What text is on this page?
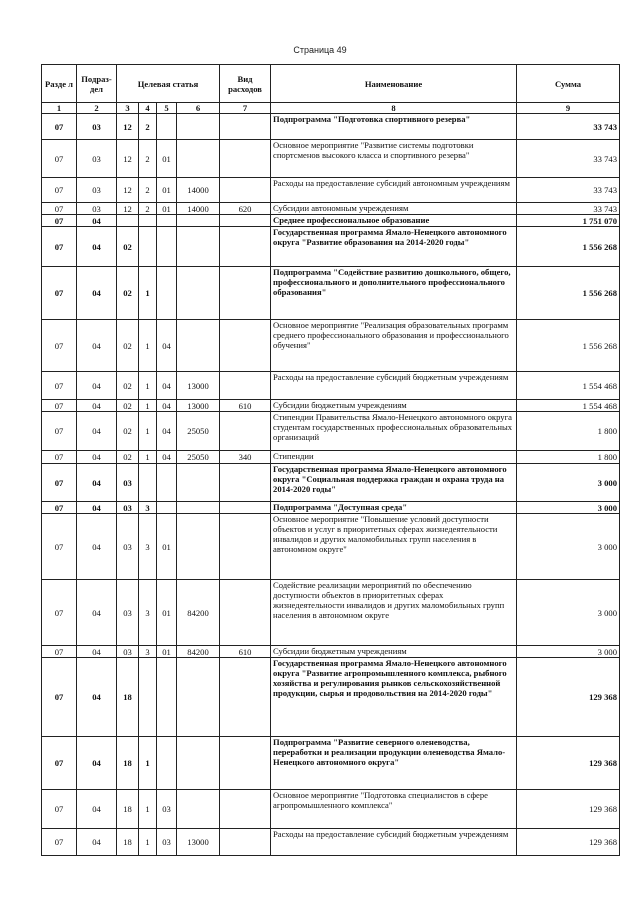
Страница 49
Разде л	Подраз- дел	Целевая статья				Вид расходов	Наименование	Сумма
1	2	3	4	5	6	7	8	9
07	03	12	2				Подпрограмма "Подготовка спортивного резерва"	33 743
07	03	12	2	01			Основное мероприятие "Развитие системы подготовки спортсменов высокого класса и спортивного резерва"	33 743
07	03	12	2	01	14000		Расходы на предоставление субсидий автономным учреждениям	33 743
07	03	12	2	01	14000	620	Субсидии автономным учреждениям	33 743
07	04						Среднее профессиональное образование	1 751 070
07	04	02					Государственная программа Ямало-Ненецкого автономного округа "Развитие образования на 2014-2020 годы"	1 556 268
07	04	02	1				Подпрограмма "Содействие развитию дошкольного, общего, профессионального и дополнительного профессионального образования"	1 556 268
07	04	02	1	04			Основное мероприятие "Реализация образовательных программ среднего профессионального образования и профессионального обучения"	1 556 268
07	04	02	1	04	13000		Расходы на предоставление субсидий бюджетным учреждениям	1 554 468
07	04	02	1	04	13000	610	Субсидии бюджетным учреждениям	1 554 468
07	04	02	1	04	25050		Стипендии Правительства Ямало-Ненецкого автономного округа студентам государственных профессиональных образовательных организаций	1 800
07	04	02	1	04	25050	340	Стипендии	1 800
07	04	03					Государственная программа Ямало-Ненецкого автономного округа "Социальная поддержка граждан и охрана труда на 2014-2020 годы"	3 000
07	04	03	3				Подпрограмма "Доступная среда"	3 000
07	04	03	3	01			Основное мероприятие "Повышение условий доступности объектов и услуг в приоритетных сферах жизнедеятельности инвалидов и других маломобильных групп населения в автономном округе"	3 000
07	04	03	3	01	84200		Содействие реализации мероприятий по обеспечению доступности объектов в приоритетных сферах жизнедеятельности инвалидов и других маломобильных групп населения в автономном округе	3 000
07	04	03	3	01	84200	610	Субсидии бюджетным учреждениям	3 000
07	04	18					Государственная программа Ямало-Ненецкого автономного округа "Развитие агропромышленного комплекса, рыбного хозяйства и регулирования рынков сельскохозяйственной продукции, сырья и продовольствия на 2014-2020 годы"	129 368
07	04	18	1				Подпрограмма "Развитие северного оленеводства, переработки и реализации продукции оленеводства Ямало-Ненецкого автономного округа"	129 368
07	04	18	1	03			Основное мероприятие "Подготовка специалистов в сфере агропромышленного комплекса"	129 368
07	04	18	1	03	13000		Расходы на предоставление субсидий бюджетным учреждениям	129 368
